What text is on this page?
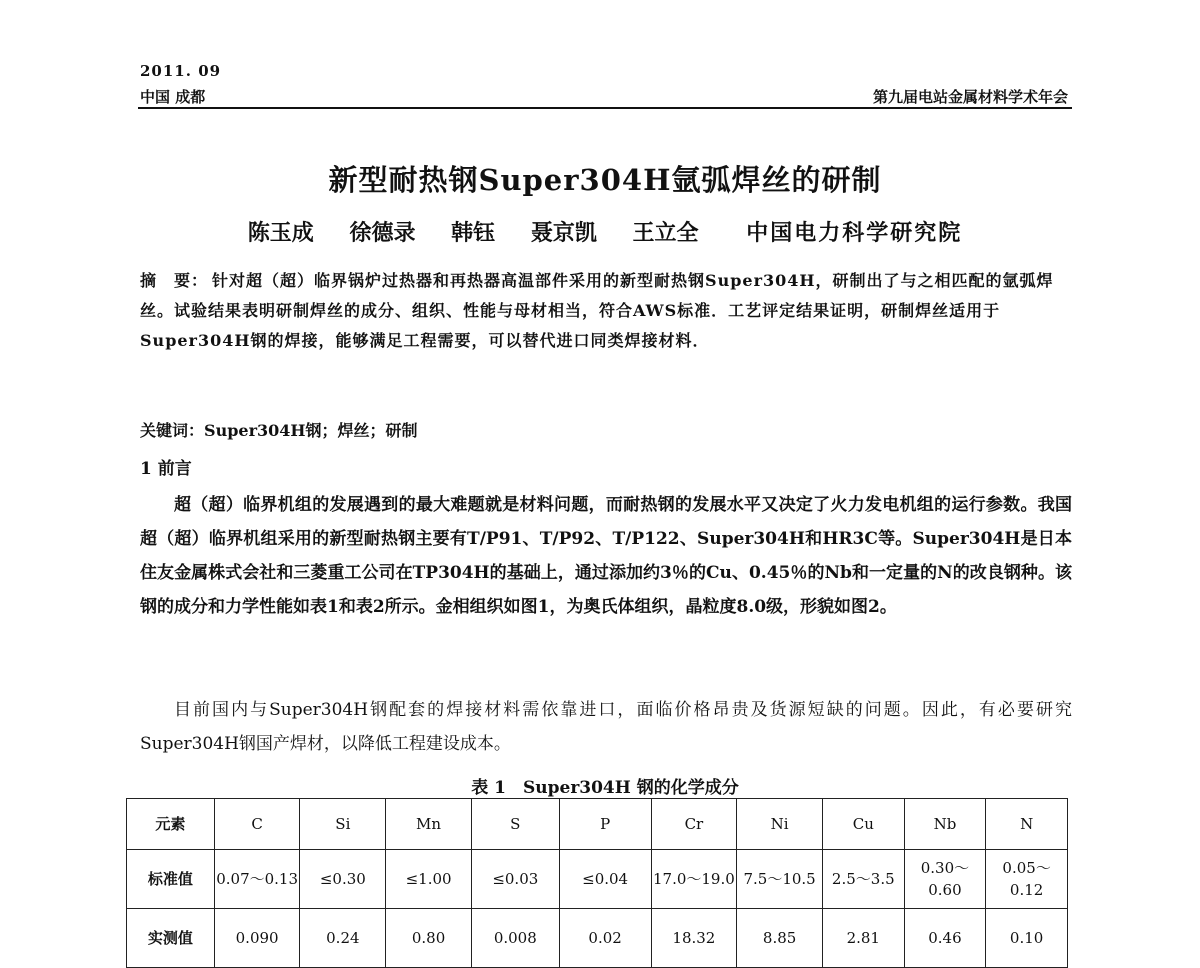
2011. 09
中国 成都	第九届电站金属材料学术年会
新型耐热钢Super304H氩弧焊丝的研制
陈玉成 徐德录 韩钰 聂京凯 王立全 中国电力科学研究院
摘　要： 针对超（超）临界锅炉过热器和再热器高温部件采用的新型耐热钢Super304H，研制出了与之相匹配的氩弧焊丝。试验结果表明研制焊丝的成分、组织、性能与母材相当，符合AWS标准．工艺评定结果证明，研制焊丝适用于Super304H钢的焊接，能够满足工程需要，可以替代进口同类焊接材料．
关键词：Super304H钢；焊丝；研制
1 前言
超（超）临界机组的发展遇到的最大难题就是材料问题，而耐热钢的发展水平又决定了火力发电机组的运行参数。我国超（超）临界机组采用的新型耐热钢主要有T/P91、T/P92、T/P122、Super304H和HR3C等。Super304H是日本住友金属株式会社和三菱重工公司在TP304H的基础上，通过添加约3％的Cu、0.45％的Nb和一定量的N的改良钢种。该钢的成分和力学性能如表1和表2所示。金相组织如图1，为奥氏体组织，晶粒度8.0级，形貌如图2。
目前国内与Super304H钢配套的焊接材料需依靠进口，面临价格昂贵及货源短缺的问题。因此，有必要研究Super304H钢国产焊材，以降低工程建设成本。
表 1　Super304H 钢的化学成分
元素	C	Si	Mn	S	P	Cr	Ni	Cu	Nb	N
标准值	0.07～0.13	≤0.30	≤1.00	≤0.03	≤0.04	17.0～19.0	7.5～10.5	2.5～3.5	0.30～0.60	0.05～0.12
实测值	0.090	0.24	0.80	0.008	0.02	18.32	8.85	2.81	0.46	0.10
